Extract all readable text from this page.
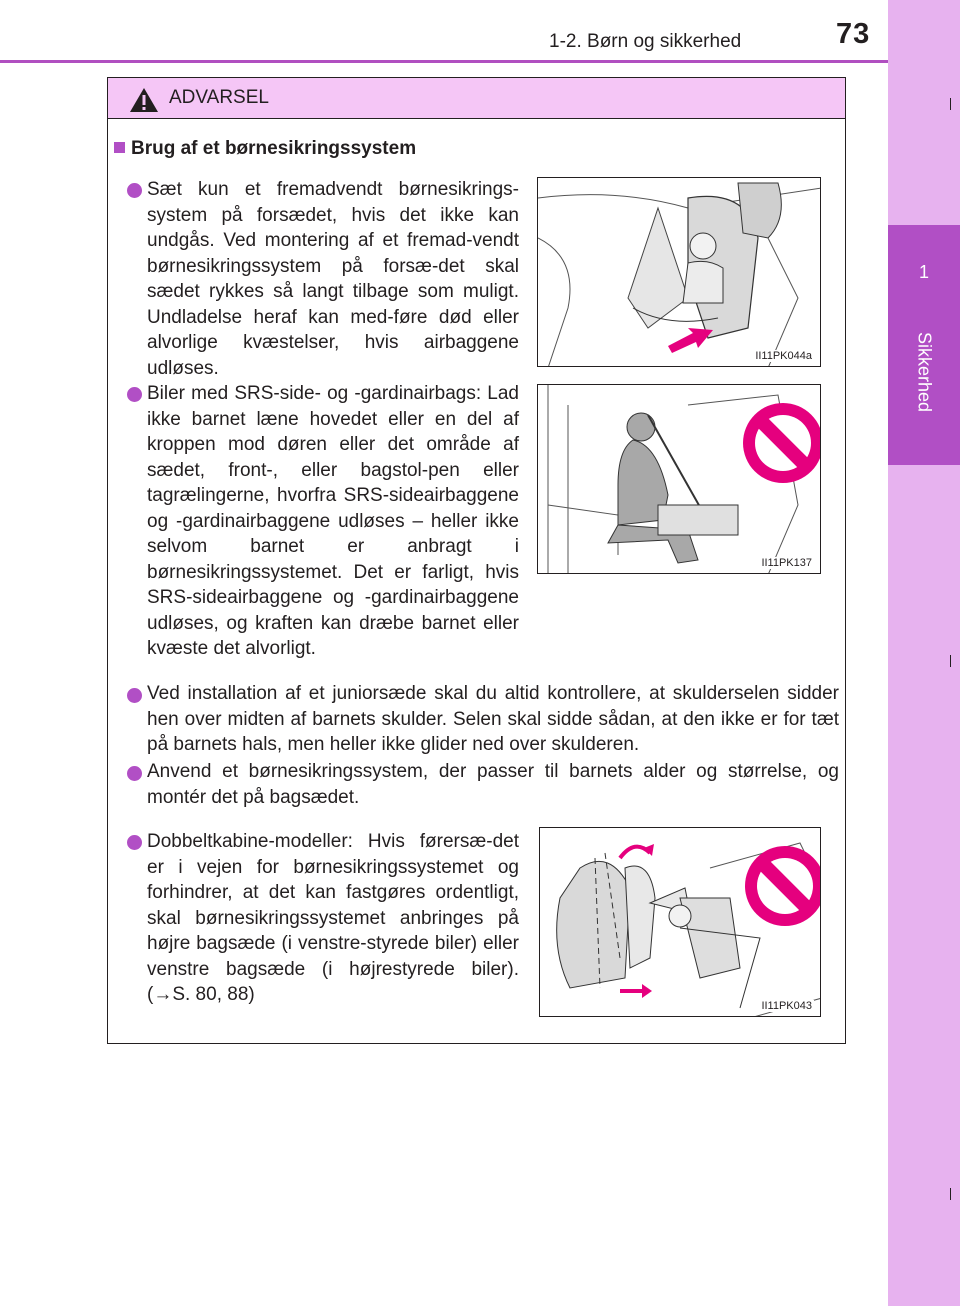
1-2. Børn og sikkerhed	73
1
Sikkerhed
ADVARSEL
Brug af et børnesikringssystem
Sæt kun et fremadvendt børnesikrings-system på forsædet, hvis det ikke kan undgås. Ved montering af et fremad-vendt børnesikringssystem på forsæ-det skal sædet rykkes så langt tilbage som muligt. Undladelse heraf kan med-føre død eller alvorlige kvæstelser, hvis airbaggene udløses.
II11PK044a
Biler med SRS-side- og -gardinairbags: Lad ikke barnet læne hovedet eller en del af kroppen mod døren eller det område af sædet, front-, eller bagstol-pen eller tagrælingerne, hvorfra SRS-sideairbaggene og -gardinairbaggene udløses – heller ikke selvom barnet er anbragt i børnesikringssystemet. Det er farligt, hvis SRS-sideairbaggene og -gardinairbaggene udløses, og kraften kan dræbe barnet eller kvæste det alvorligt.
II11PK137
Ved installation af et juniorsæde skal du altid kontrollere, at skulderselen sidder hen over midten af barnets skulder. Selen skal sidde sådan, at den ikke er for tæt på barnets hals, men heller ikke glider ned over skulderen.
Anvend et børnesikringssystem, der passer til barnets alder og størrelse, og montér det på bagsædet.
Dobbeltkabine-modeller: Hvis førersæ-det er i vejen for børnesikringssystemet og forhindrer, at det kan fastgøres ordentligt, skal børnesikringssystemet anbringes på højre bagsæde (i venstre-styrede biler) eller venstre bagsæde (i højrestyrede biler). (→S. 80, 88)
II11PK043
